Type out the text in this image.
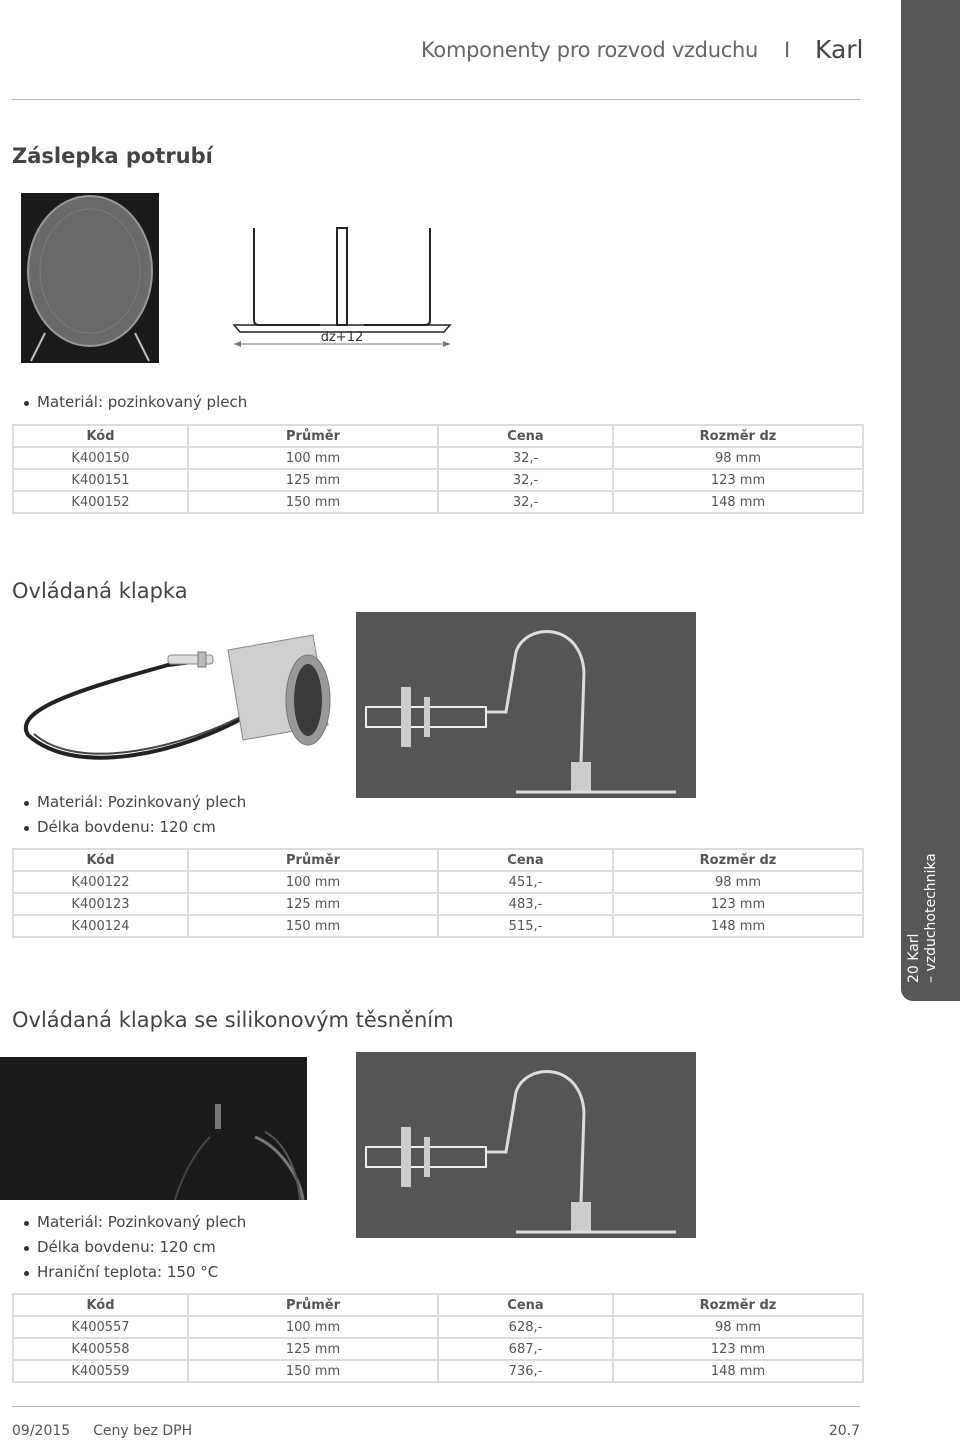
Komponenty pro rozvod vzduchu I Karl
20 Karl – vzduchotechnika
Záslepka potrubí
dz+12
Materiál: pozinkovaný plech
Kód	Průměr	Cena	Rozměr dz
K400150	100 mm	32,-	98 mm
K400151	125 mm	32,-	123 mm
K400152	150 mm	32,-	148 mm
Ovládaná klapka
Materiál: Pozinkovaný plech
Délka bovdenu: 120 cm
Kód	Průměr	Cena	Rozměr dz
K400122	100 mm	451,-	98 mm
K400123	125 mm	483,-	123 mm
K400124	150 mm	515,-	148 mm
Ovládaná klapka se silikonovým těsněním
Materiál: Pozinkovaný plech
Délka bovdenu: 120 cm
Hraniční teplota: 150 °C
Kód	Průměr	Cena	Rozměr dz
K400557	100 mm	628,-	98 mm
K400558	125 mm	687,-	123 mm
K400559	150 mm	736,-	148 mm
09/2015 Ceny bez DPH	20.7
